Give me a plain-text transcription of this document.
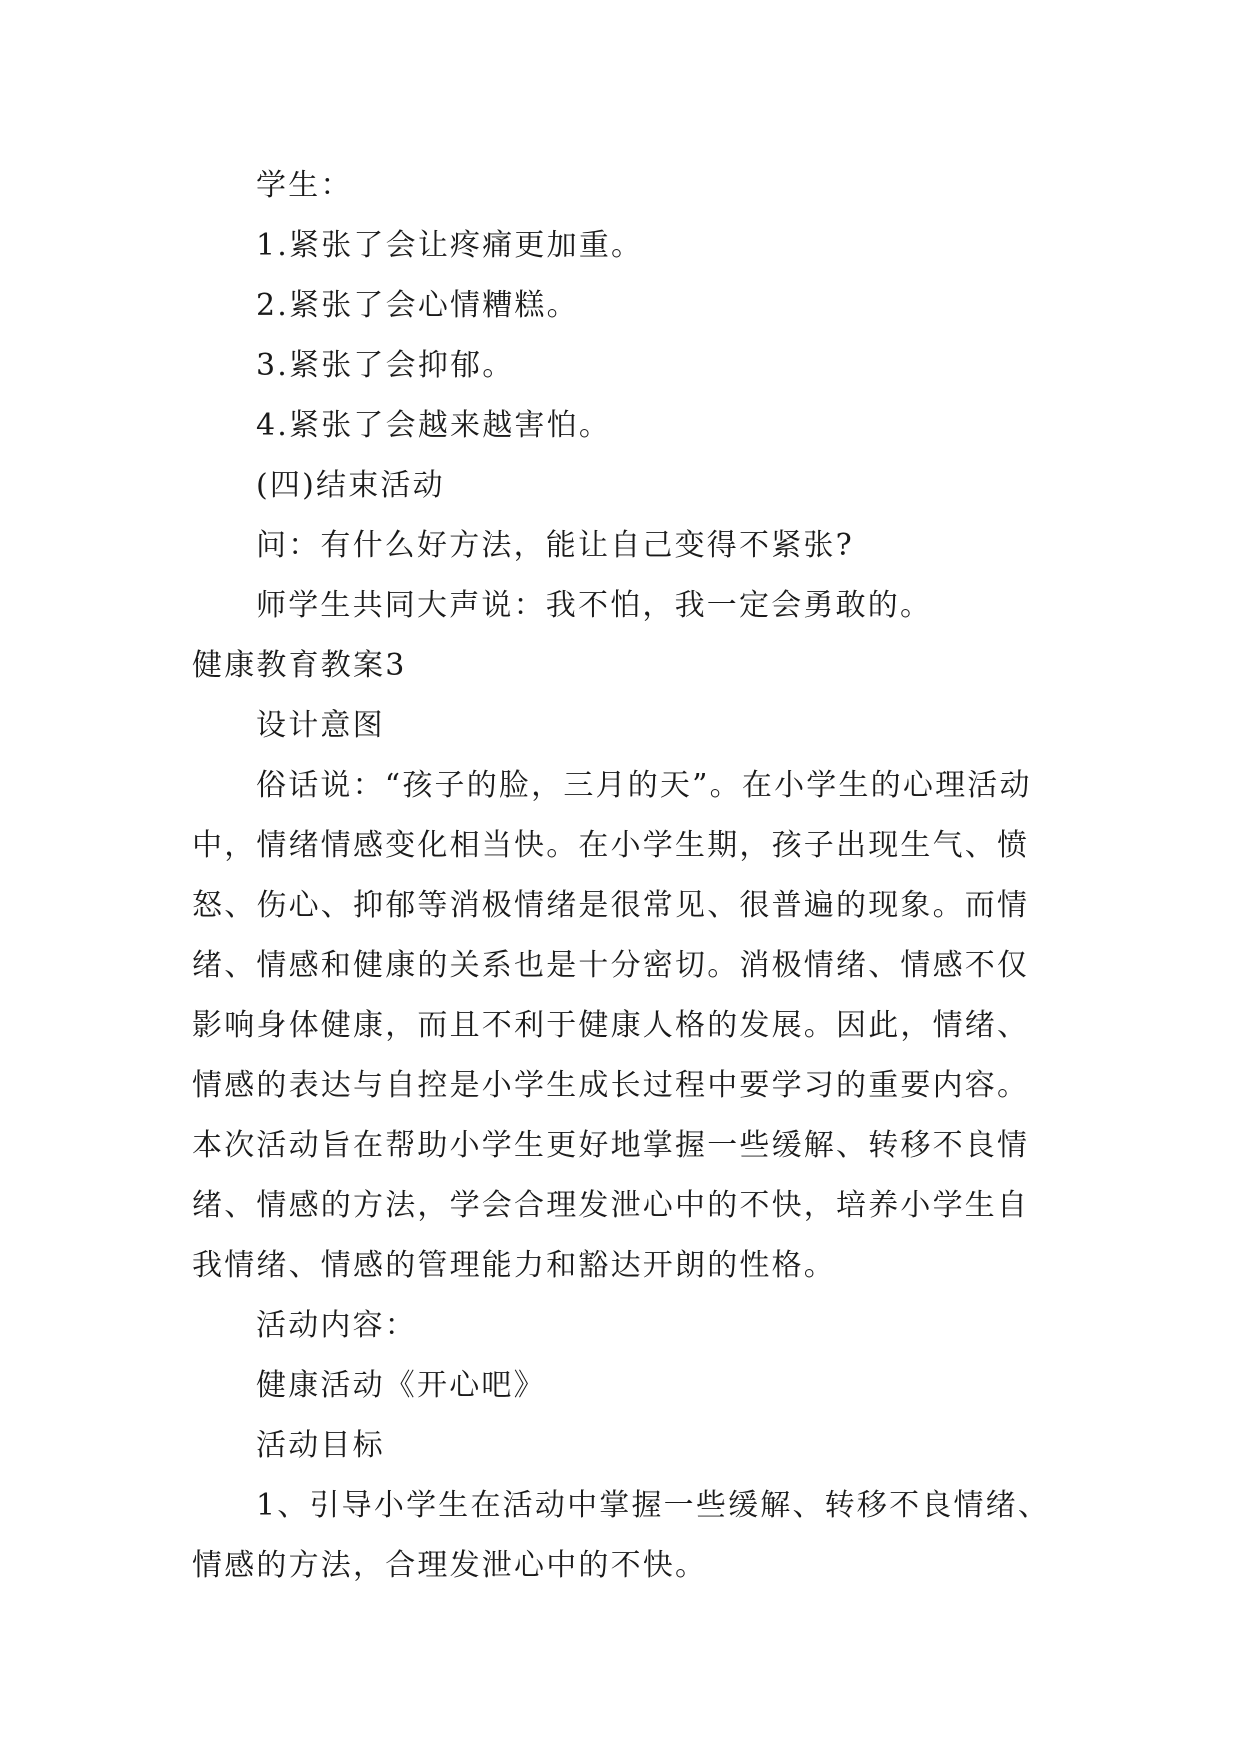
学生：
1.紧张了会让疼痛更加重。
2.紧张了会心情糟糕。
3.紧张了会抑郁。
4.紧张了会越来越害怕。
(四)结束活动
问：有什么好方法，能让自己变得不紧张?
师学生共同大声说：我不怕，我一定会勇敢的。
健康教育教案3
设计意图
俗话说：“孩子的脸，三月的天”。在小学生的心理活动
中，情绪情感变化相当快。在小学生期，孩子出现生气、愤
怒、伤心、抑郁等消极情绪是很常见、很普遍的现象。而情
绪、情感和健康的关系也是十分密切。消极情绪、情感不仅
影响身体健康，而且不利于健康人格的发展。因此，情绪、
情感的表达与自控是小学生成长过程中要学习的重要内容。
本次活动旨在帮助小学生更好地掌握一些缓解、转移不良情
绪、情感的方法，学会合理发泄心中的不快，培养小学生自
我情绪、情感的管理能力和豁达开朗的性格。
活动内容：
健康活动《开心吧》
活动目标
1、引导小学生在活动中掌握一些缓解、转移不良情绪、
情感的方法，合理发泄心中的不快。
